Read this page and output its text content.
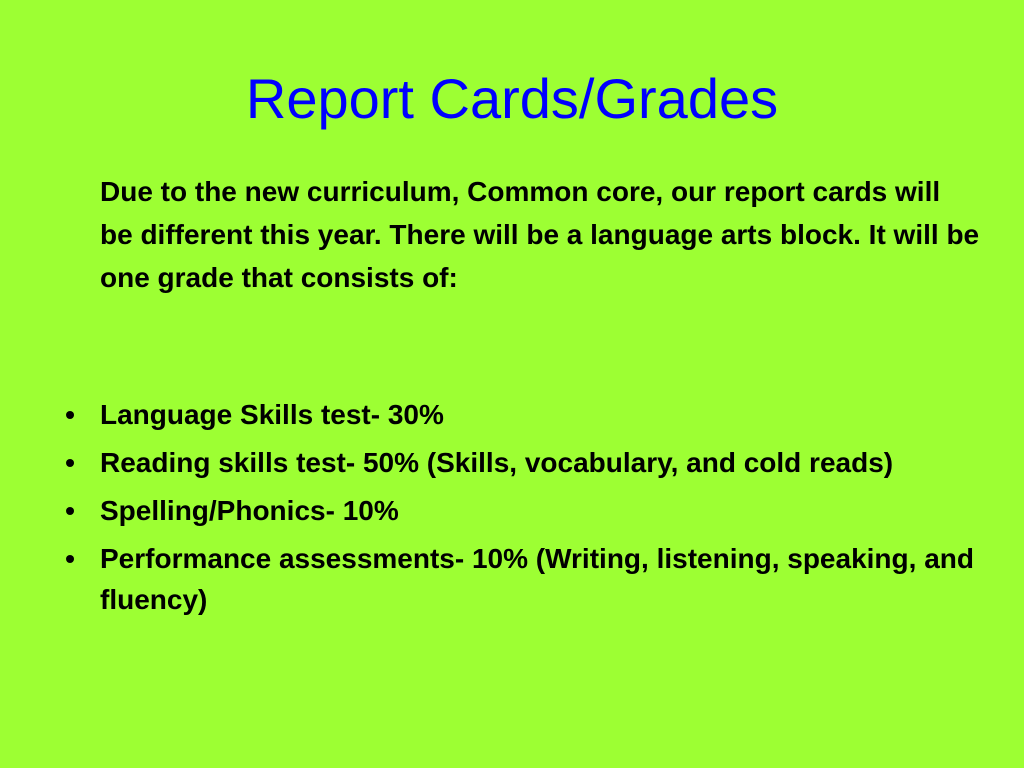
Report Cards/Grades

Due to the new curriculum, Common core, our report cards will be different this year. There will be a language arts block. It will be one grade that consists of:

• Language Skills test- 30%
• Reading skills test- 50% (Skills, vocabulary, and cold reads)
• Spelling/Phonics- 10%
• Performance assessments- 10% (Writing, listening, speaking, and fluency)
